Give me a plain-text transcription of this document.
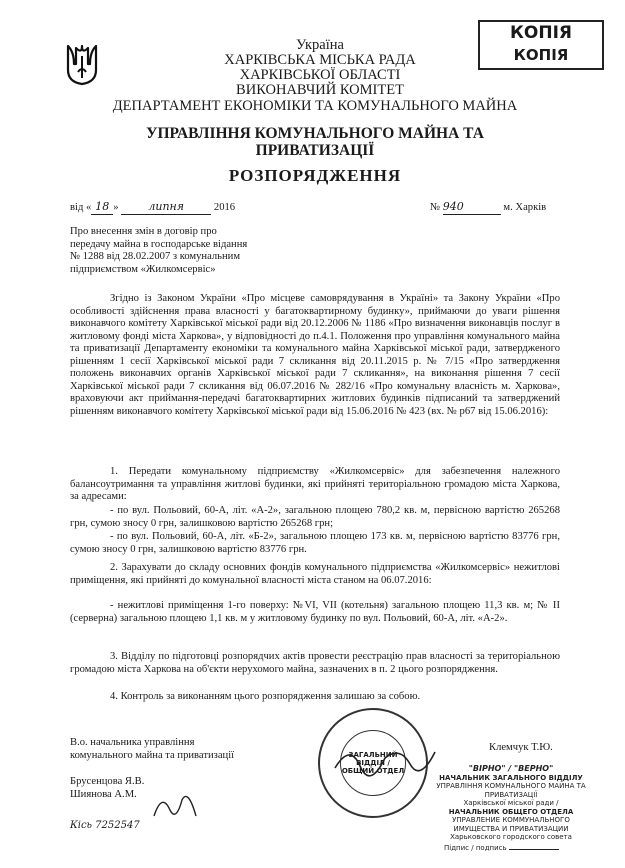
КОПІЯ
КОПІЯ
Україна
ХАРКІВСЬКА МІСЬКА РАДА
ХАРКІВСЬКОЇ ОБЛАСТІ
ВИКОНАВЧИЙ КОМІТЕТ
ДЕПАРТАМЕНТ ЕКОНОМІКИ ТА КОМУНАЛЬНОГО МАЙНА
УПРАВЛІННЯ КОМУНАЛЬНОГО МАЙНА ТА
ПРИВАТИЗАЦІЇ
РОЗПОРЯДЖЕННЯ
від « 18 »	липня	2016	№ 940	м. Харків
Про внесення змін в договір про
передачу майна в господарське відання
№ 1288 від 28.02.2007 з комунальним
підприємством «Жилкомсервіс»
Згідно із Законом України «Про місцеве самоврядування в Україні» та Закону України «Про особливості здійснення права власності у багатоквартирному будинку», приймаючи до уваги рішення виконавчого комітету Харківської міської ради від 20.12.2006 № 1186 «Про визначення виконавців послуг в житловому фонді міста Харкова», у відповідності до п.4.1. Положення про управління комунального майна та приватизації Департаменту економіки та комунального майна Харківської міської ради, затвердженого рішенням 1 сесії Харківської міської ради 7 скликання від 20.11.2015 р. № 7/15 «Про затвердження положень виконавчих органів Харківської міської ради 7 скликання», на виконання рішення 7 сесії Харківської міської ради 7 скликання від 06.07.2016 № 282/16 «Про комунальну власність м. Харкова», враховуючи акт приймання-передачі багатоквартирних житлових будинків підписаний та затверджений рішенням виконавчого комітету Харківської міської ради від 15.06.2016 № 423 (вх. № р67 від 15.06.2016):
1. Передати комунальному підприємству «Жилкомсервіс» для забезпечення належного балансоутримання та управління житлові будинки, які прийняті територіальною громадою міста Харкова, за адресами:
- по вул. Польовий, 60-А, літ. «А-2», загальною площею 780,2 кв. м, первісною вартістю 265268 грн, сумою зносу 0 грн, залишковою вартістю 265268 грн;
- по вул. Польовий, 60-А, літ. «Б-2», загальною площею 173 кв. м, первісною вартістю 83776 грн, сумою зносу 0 грн, залишковою вартістю 83776 грн.
2. Зарахувати до складу основних фондів комунального підприємства «Жилкомсервіс» нежитлові приміщення, які прийняті до комунальної власності міста станом на 06.07.2016:
- нежитлові приміщення 1-го поверху: №VI, VII (котельня) загальною площею 11,3 кв. м; № II (серверна) загальною площею 1,1 кв. м у житловому будинку по вул. Польовий, 60-А, літ. «А-2».
3. Відділу по підготовці розпорядчих актів провести реєстрацію прав власності за територіальною громадою міста Харкова на об'єкти нерухомого майна, зазначених в п. 2 цього розпорядження.
4. Контроль за виконанням цього розпорядження залишаю за собою.
ЗАГАЛЬНИЙ ВІДДІЛ / ОБЩИЙ ОТДЕЛ
В.о. начальника управління
комунального майна та приватизації
Клемчук Т.Ю.
Брусенцова Я.В.
Шиянова А.М.
Кісь 7252547
"ВІРНО" / "ВЕРНО"
НАЧАЛЬНИК ЗАГАЛЬНОГО ВІДДІЛУ
УПРАВЛІННЯ КОМУНАЛЬНОГО МАЙНА ТА ПРИВАТИЗАЦІЇ
Харківської міської ради /
НАЧАЛЬНИК ОБЩЕГО ОТДЕЛА
УПРАВЛЕНИЕ КОММУНАЛЬНОГО ИМУЩЕСТВА И ПРИВАТИЗАЦИИ
Харьковского городского совета
Підпис / подпись
